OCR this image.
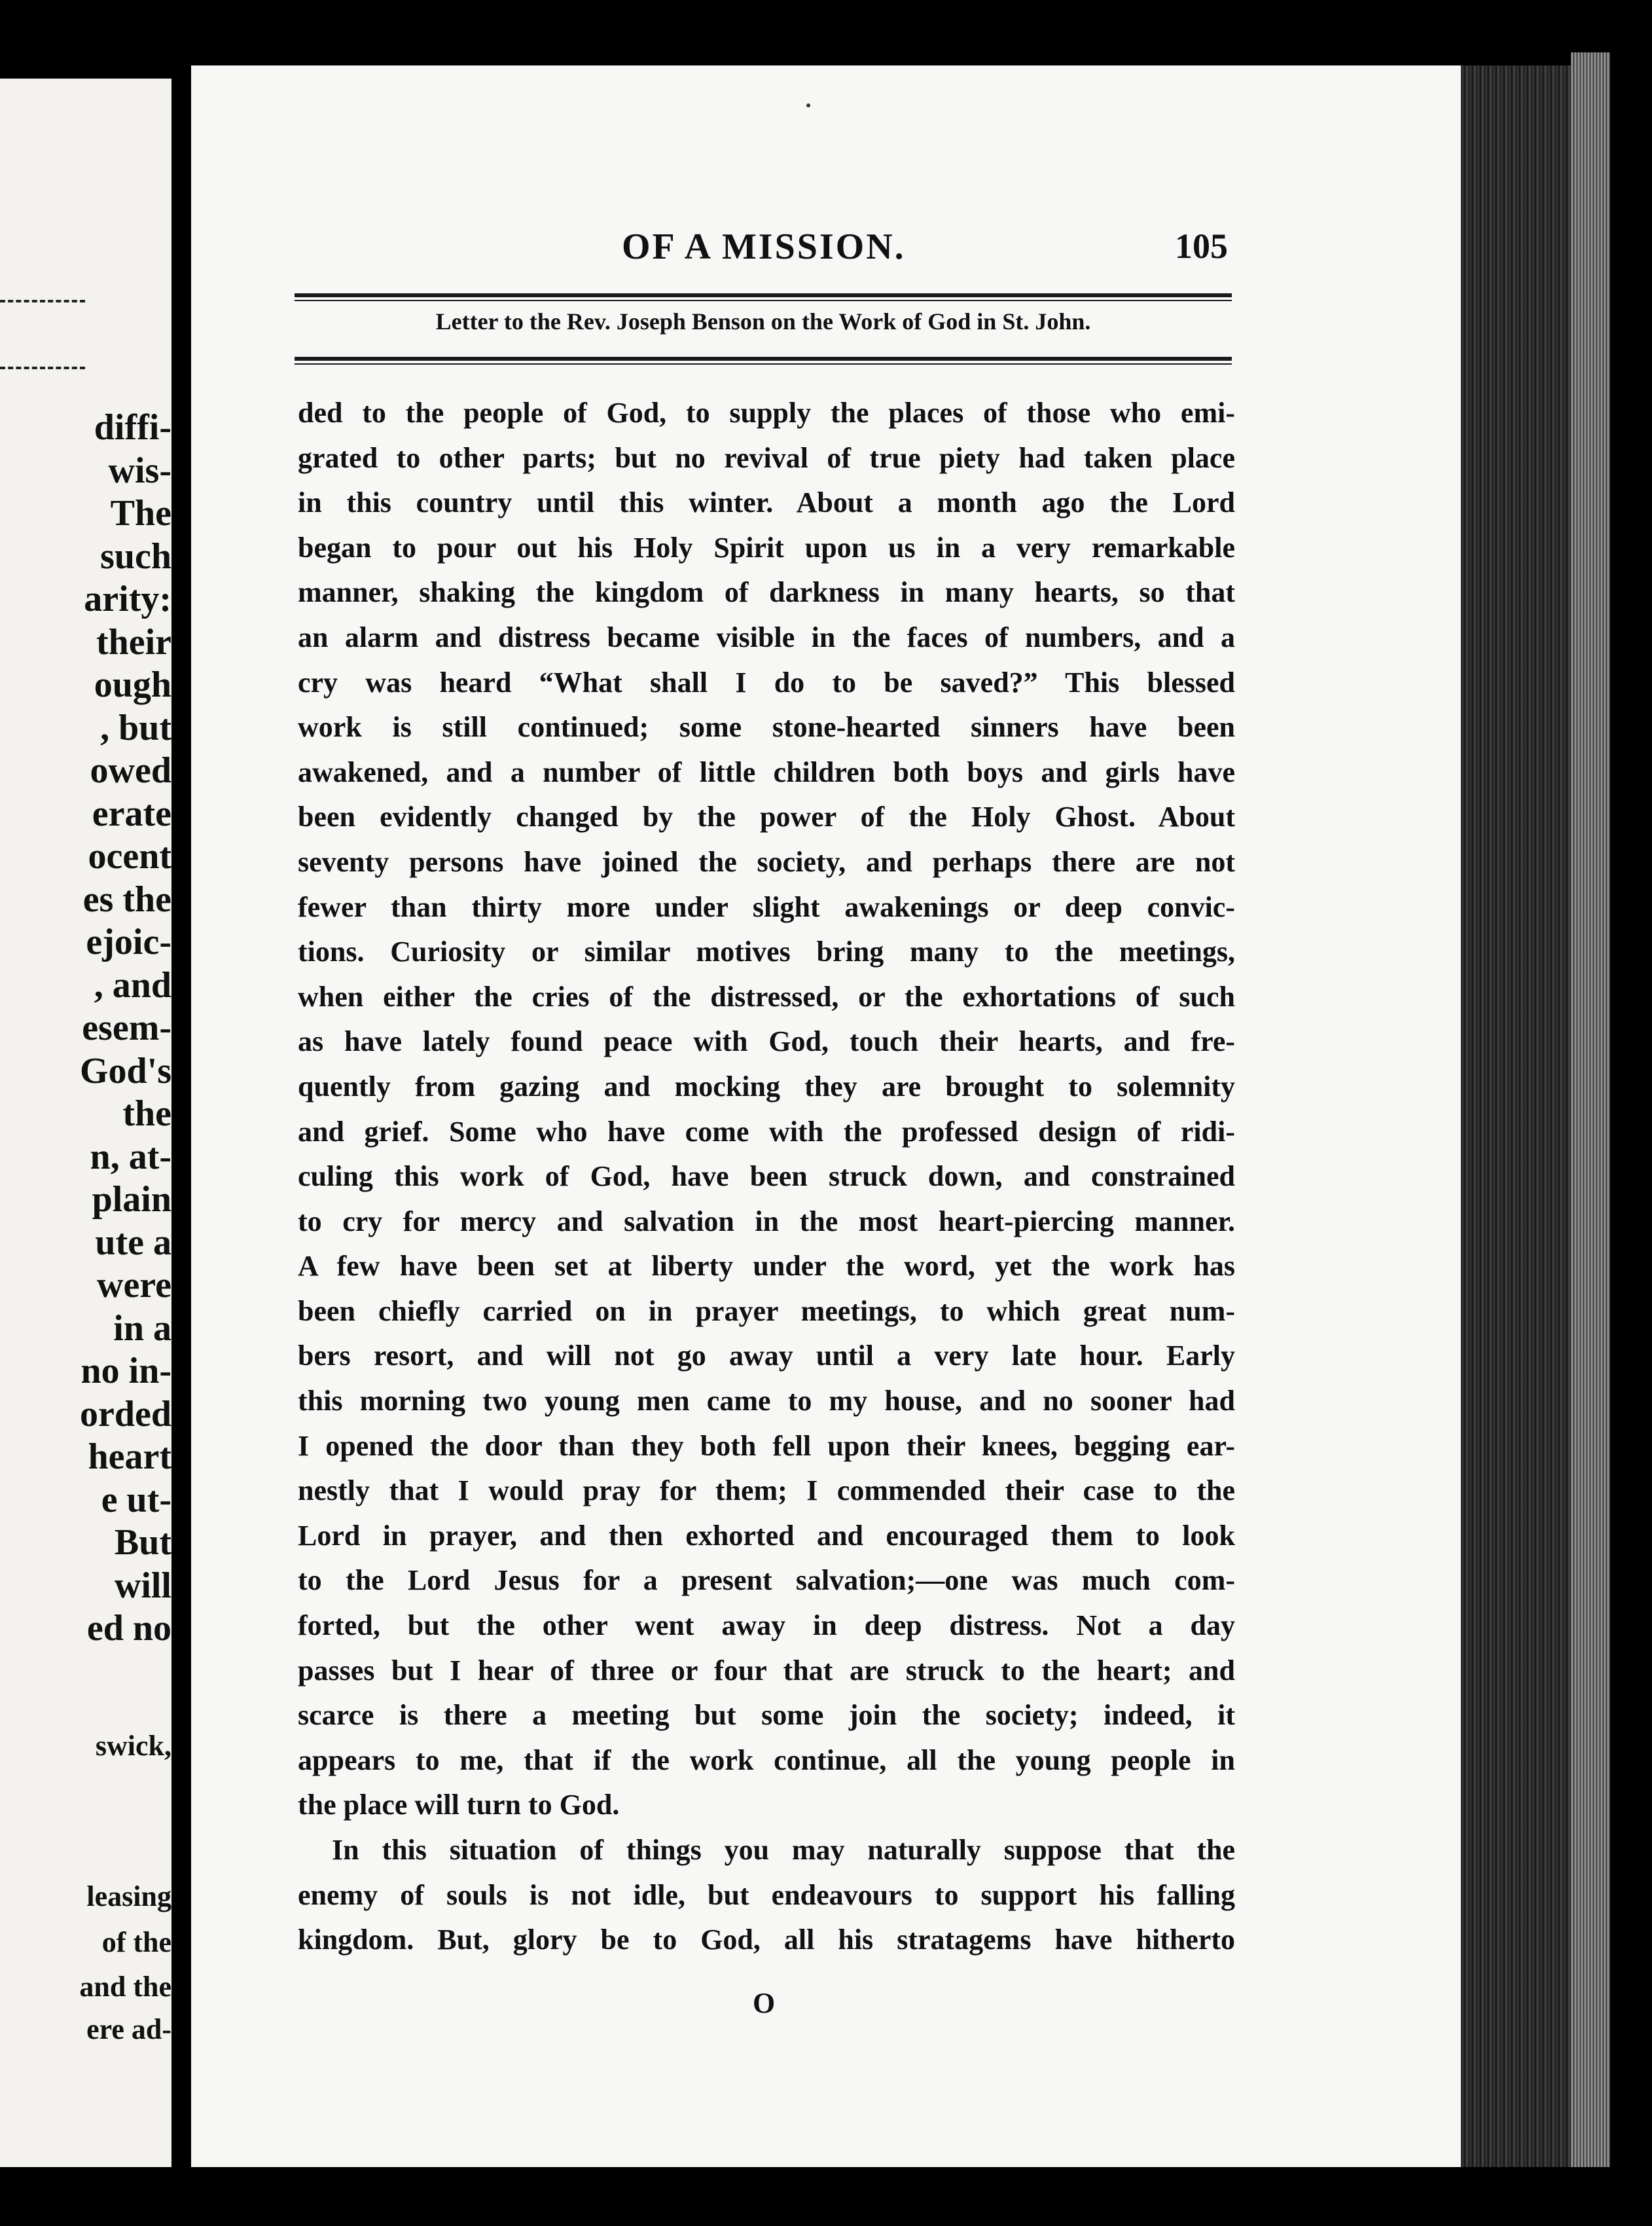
diffi-
wis-
The
such
arity:
their
ough
, but
owed
erate
ocent
es the
ejoic-
, and
esem-
God's
the
n, at-
plain
ute a
were
in a
no in-
orded
heart
e ut-
But
will
ed no
swick,
leasing
of the
and the
ere ad-
OF A MISSION.	105
Letter to the Rev. Joseph Benson on the Work of God in St. John.
ded to the people of God, to supply the places of those who emi-
grated to other parts; but no revival of true piety had taken place
in this country until this winter. About a month ago the Lord
began to pour out his Holy Spirit upon us in a very remarkable
manner, shaking the kingdom of darkness in many hearts, so that
an alarm and distress became visible in the faces of numbers, and a
cry was heard “What shall I do to be saved?” This blessed
work is still continued; some stone-hearted sinners have been
awakened, and a number of little children both boys and girls have
been evidently changed by the power of the Holy Ghost. About
seventy persons have joined the society, and perhaps there are not
fewer than thirty more under slight awakenings or deep convic-
tions. Curiosity or similar motives bring many to the meetings,
when either the cries of the distressed, or the exhortations of such
as have lately found peace with God, touch their hearts, and fre-
quently from gazing and mocking they are brought to solemnity
and grief. Some who have come with the professed design of ridi-
culing this work of God, have been struck down, and constrained
to cry for mercy and salvation in the most heart-piercing manner.
A few have been set at liberty under the word, yet the work has
been chiefly carried on in prayer meetings, to which great num-
bers resort, and will not go away until a very late hour. Early
this morning two young men came to my house, and no sooner had
I opened the door than they both fell upon their knees, begging ear-
nestly that I would pray for them; I commended their case to the
Lord in prayer, and then exhorted and encouraged them to look
to the Lord Jesus for a present salvation;—one was much com-
forted, but the other went away in deep distress. Not a day
passes but I hear of three or four that are struck to the heart; and
scarce is there a meeting but some join the society; indeed, it
appears to me, that if the work continue, all the young people in
the place will turn to God.
In this situation of things you may naturally suppose that the
enemy of souls is not idle, but endeavours to support his falling
kingdom. But, glory be to God, all his stratagems have hitherto
O
